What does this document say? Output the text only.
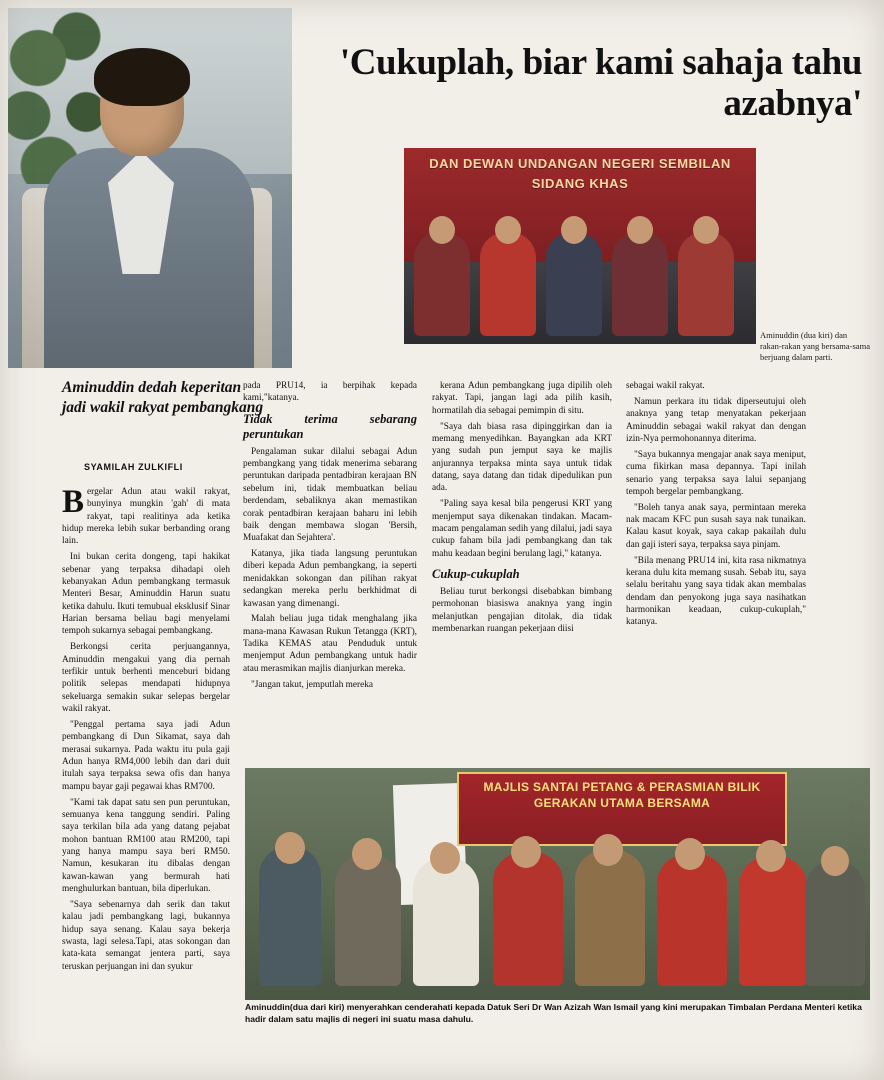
'Cukuplah, biar kami sahaja tahu azabnya'
DAN DEWAN UNDANGAN NEGERI SEMBILAN SIDANG KHAS
Aminuddin (dua kiri) dan rakan-rakan yang bersama-sama berjuang dalam parti.
Aminuddin dedah keperitan jadi wakil rakyat pembangkang
SYAMILAH ZULKIFLI

Bergelar Adun atau wakil rakyat, bunyinya mungkin 'gah' di mata rakyat, tapi realitinya ada ketika hidup mereka lebih sukar berbanding orang lain.

Ini bukan cerita dongeng, tapi hakikat sebenar yang terpaksa dihadapi oleh kebanyakan Adun pembangkang termasuk Menteri Besar, Aminuddin Harun suatu ketika dahulu. Ikuti temubual eksklusif Sinar Harian bersama beliau bagi menyelami tempoh sukarnya sebagai pembangkang.

Berkongsi cerita perjuangannya, Aminuddin mengakui yang dia pernah terfikir untuk berhenti menceburi bidang politik selepas mendapati hidupnya sekeluarga semakin sukar selepas bergelar wakil rakyat.

"Penggal pertama saya jadi Adun pembangkang di Dun Sikamat, saya dah merasai sukarnya. Pada waktu itu pula gaji Adun hanya RM4,000 lebih dan dari duit itulah saya terpaksa sewa ofis dan hanya mampu bayar gaji pegawai khas RM700.

"Kami tak dapat satu sen pun peruntukan, semuanya kena tanggung sendiri. Paling saya terkilan bila ada yang datang pejabat mohon bantuan RM100 atau RM200, tapi yang hanya mampu saya beri RM50. Namun, kesukaran itu dibalas dengan kawan-kawan yang bermurah hati menghulurkan bantuan, bila diperlukan.

"Saya sebenarnya dah serik dan takut kalau jadi pembangkang lagi, bukannya hidup saya senang. Kalau saya bekerja swasta, lagi selesa.Tapi, atas sokongan dan kata-kata semangat jentera parti, saya teruskan perjuangan ini dan syukur

pada PRU14, ia berpihak kepada kami,"katanya.

Tidak terima sebarang peruntukan

Pengalaman sukar dilalui sebagai Adun pembangkang yang tidak menerima sebarang peruntukan daripada pentadbiran kerajaan BN sebelum ini, tidak membuatkan beliau berdendam, sebaliknya akan memastikan corak pentadbiran kerajaan baharu ini lebih baik dengan membawa slogan 'Bersih, Muafakat dan Sejahtera'.

Katanya, jika tiada langsung peruntukan diberi kepada Adun pembangkang, ia seperti menidakkan sokongan dan pilihan rakyat sedangkan mereka perlu berkhidmat di kawasan yang dimenangi.

Malah beliau juga tidak menghalang jika mana-mana Kawasan Rukun Tetangga (KRT), Tadika KEMAS atau Penduduk untuk menjemput Adun pembangkang untuk hadir atau merasmikan majlis dianjurkan mereka.

"Jangan takut, jemputlah mereka

kerana Adun pembangkang juga dipilih oleh rakyat. Tapi, jangan lagi ada pilih kasih, hormatilah dia sebagai pemimpin di situ.

"Saya dah biasa rasa dipinggirkan dan ia memang menyedihkan. Bayangkan ada KRT yang sudah pun jemput saya ke majlis anjurannya terpaksa minta saya untuk tidak datang, saya datang dan tidak dipedulikan pun ada.

"Paling saya kesal bila pengerusi KRT yang menjemput saya dikenakan tindakan. Macam-macam pengalaman sedih yang dilalui, jadi saya cukup faham bila jadi pembangkang dan tak mahu keadaan begini berulang lagi," katanya.

Cukup-cukuplah

Beliau turut berkongsi disebabkan bimbang permohonan biasiswa anaknya yang ingin melanjutkan pengajian ditolak, dia tidak membenarkan ruangan pekerjaan diisi

sebagai wakil rakyat.

Namun perkara itu tidak diperseutujui oleh anaknya yang tetap menyatakan pekerjaan Aminuddin sebagai wakil rakyat dan dengan izin-Nya permohonannya diterima.

"Saya bukannya mengajar anak saya meniput, cuma fikirkan masa depannya. Tapi inilah senario yang terpaksa saya lalui sepanjang tempoh bergelar pembangkang.

"Boleh tanya anak saya, permintaan mereka nak macam KFC pun susah saya nak tunaikan. Kalau kasut koyak, saya cakap pakailah dulu dan gaji isteri saya, terpaksa saya pinjam.

"Bila menang PRU14 ini, kita rasa nikmatnya kerana dulu kita memang susah. Sebab itu, saya selalu beritahu yang saya tidak akan membalas dendam dan penyokong juga saya nasihatkan harmonikan keadaan, cukup-cukuplah," katanya.

MAJLIS SANTAI PETANG & PERASMIAN BILIK GERAKAN UTAMA BERSAMA
Aminuddin(dua dari kiri) menyerahkan cenderahati kepada Datuk Seri Dr Wan Azizah Wan Ismail yang kini merupakan Timbalan Perdana Menteri ketika hadir dalam satu majlis di negeri ini suatu masa dahulu.
